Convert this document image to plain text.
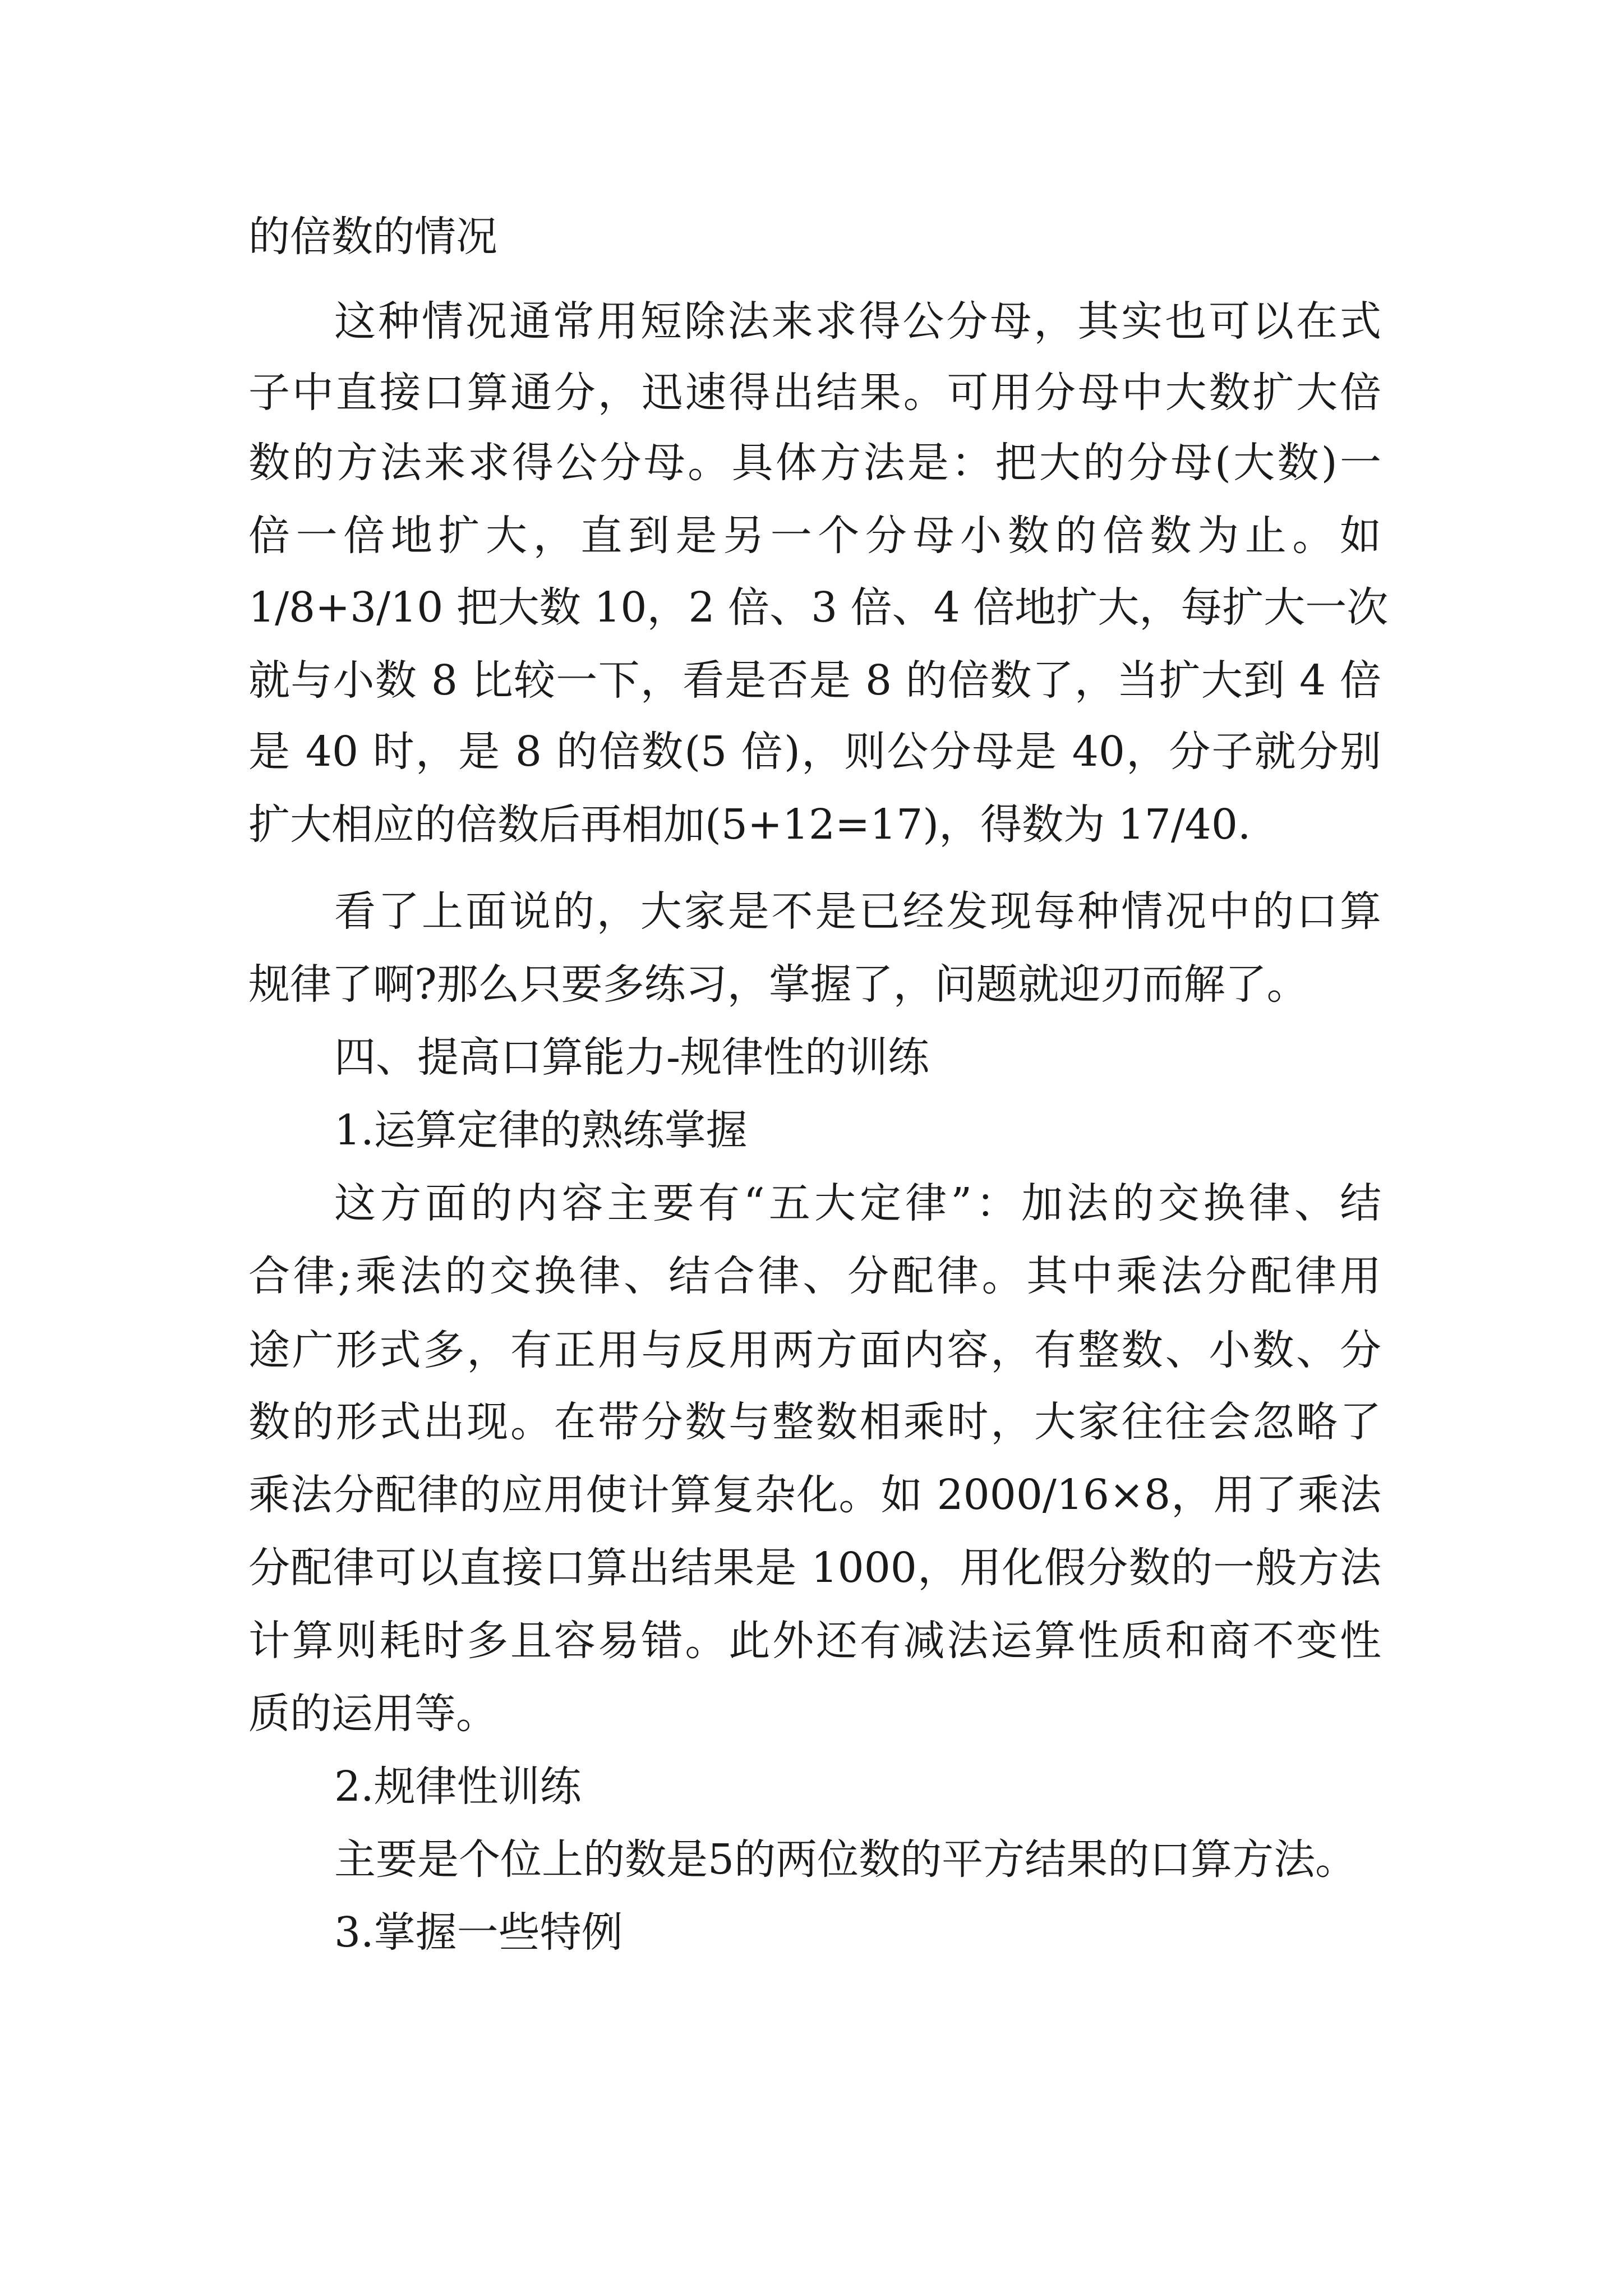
的倍数的情况
这种情况通常用短除法来求得公分母，其实也可以在式
子中直接口算通分，迅速得出结果。可用分母中大数扩大倍
数的方法来求得公分母。具体方法是：把大的分母(大数)一
倍一倍地扩大，直到是另一个分母小数的倍数为止。如
1/8+3/10 把大数 10，2 倍、3 倍、4 倍地扩大，每扩大一次
就与小数 8 比较一下，看是否是 8 的倍数了，当扩大到 4 倍
是 40 时，是 8 的倍数(5 倍)，则公分母是 40，分子就分别
扩大相应的倍数后再相加(5+12=17)，得数为 17/40.
看了上面说的，大家是不是已经发现每种情况中的口算
规律了啊?那么只要多练习，掌握了，问题就迎刃而解了。
四、提高口算能力-规律性的训练
1.运算定律的熟练掌握
这方面的内容主要有“五大定律”：加法的交换律、结
合律;乘法的交换律、结合律、分配律。其中乘法分配律用
途广形式多，有正用与反用两方面内容，有整数、小数、分
数的形式出现。在带分数与整数相乘时，大家往往会忽略了
乘法分配律的应用使计算复杂化。如 2000/16×8，用了乘法
分配律可以直接口算出结果是 1000，用化假分数的一般方法
计算则耗时多且容易错。此外还有减法运算性质和商不变性
质的运用等。
2.规律性训练
主要是个位上的数是5的两位数的平方结果的口算方法。
3.掌握一些特例
